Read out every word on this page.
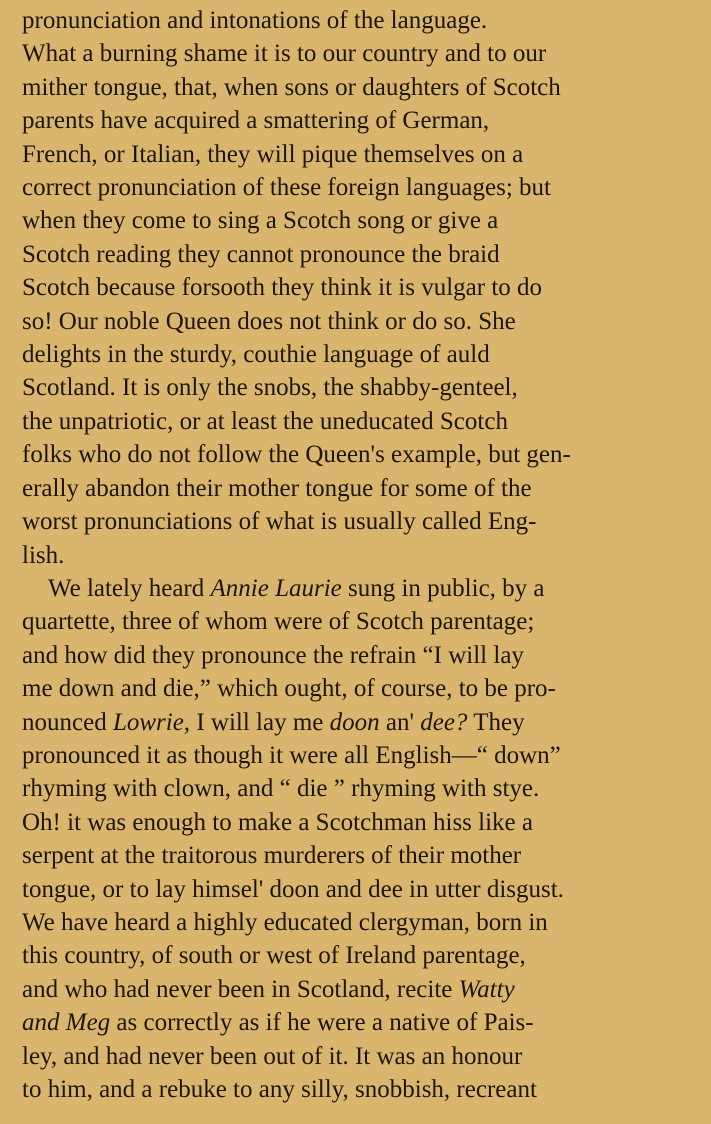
pronunciation and intonations of the language.
What a burning shame it is to our country and to our
mither tongue, that, when sons or daughters of Scotch
parents have acquired a smattering of German,
French, or Italian, they will pique themselves on a
correct pronunciation of these foreign languages; but
when they come to sing a Scotch song or give a
Scotch reading they cannot pronounce the braid
Scotch because forsooth they think it is vulgar to do
so! Our noble Queen does not think or do so. She
delights in the sturdy, couthie language of auld
Scotland. It is only the snobs, the shabby-genteel,
the unpatriotic, or at least the uneducated Scotch
folks who do not follow the Queen's example, but gen-
erally abandon their mother tongue for some of the
worst pronunciations of what is usually called Eng-
lish.

We lately heard Annie Laurie sung in public, by a
quartette, three of whom were of Scotch parentage;
and how did they pronounce the refrain “I will lay
me down and die,” which ought, of course, to be pro-
nounced Lowrie, I will lay me doon an' dee? They
pronounced it as though it were all English—“ down”
rhyming with clown, and “ die ” rhyming with stye.
Oh! it was enough to make a Scotchman hiss like a
serpent at the traitorous murderers of their mother
tongue, or to lay himsel' doon and dee in utter disgust.
We have heard a highly educated clergyman, born in
this country, of south or west of Ireland parentage,
and who had never been in Scotland, recite Watty
and Meg as correctly as if he were a native of Pais-
ley, and had never been out of it. It was an honour
to him, and a rebuke to any silly, snobbish, recreant
